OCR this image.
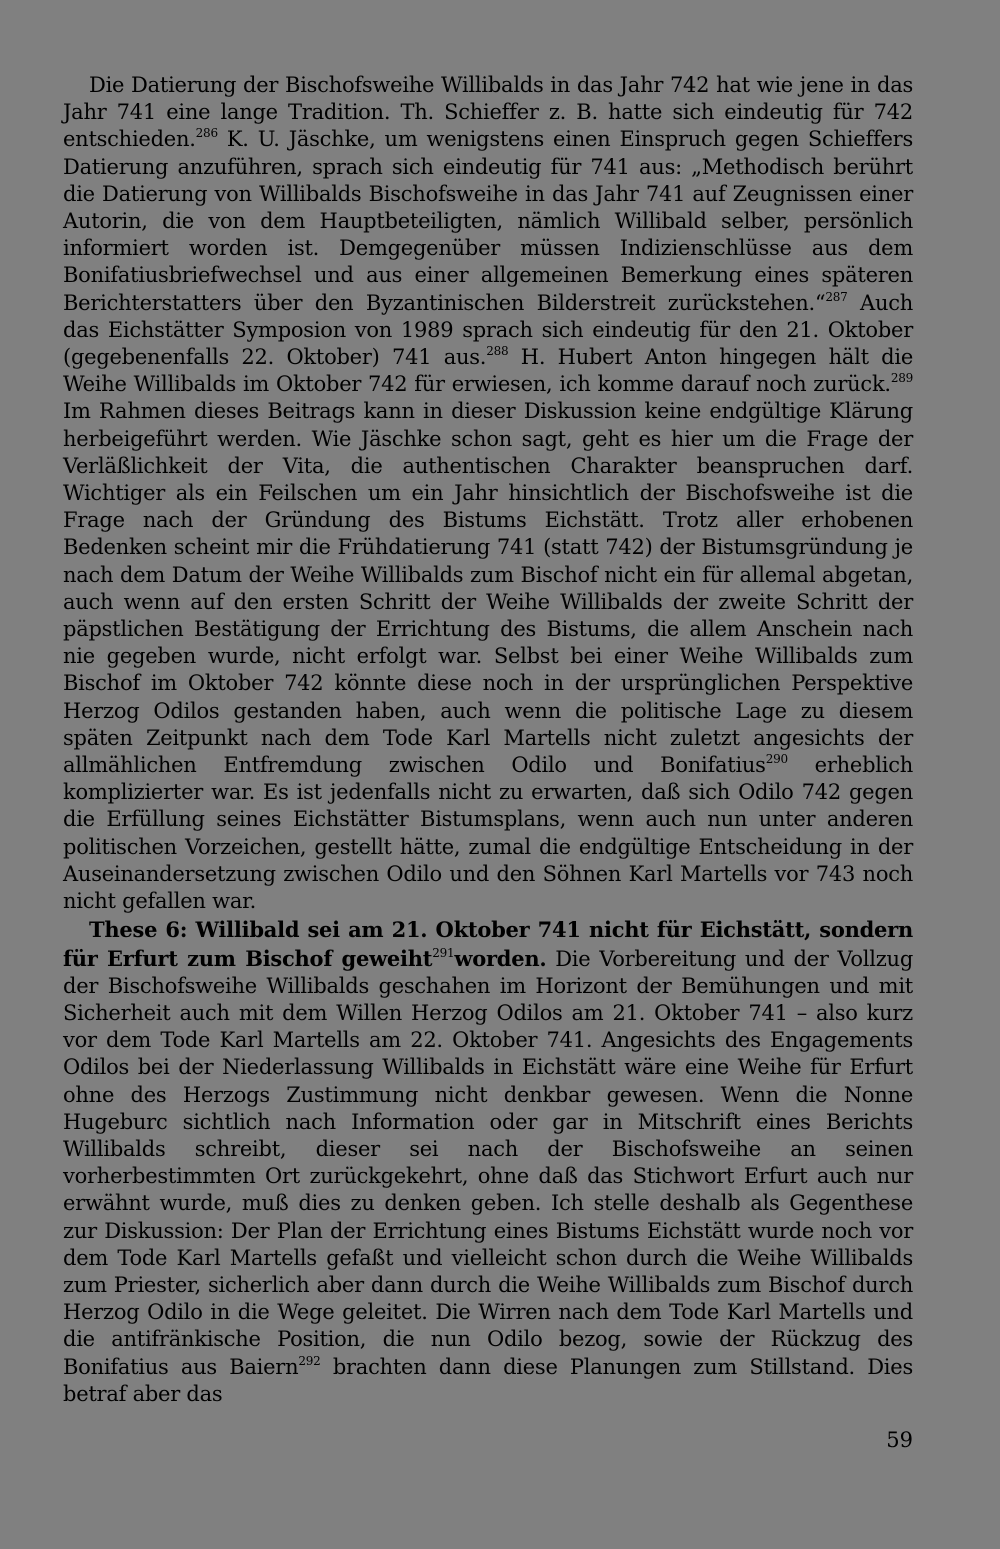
Die Datierung der Bischofsweihe Willibalds in das Jahr 742 hat wie jene in das Jahr 741 eine lange Tradition. Th. Schieffer z. B. hatte sich eindeutig für 742 entschieden.$^{286}$ K. U. Jäschke, um wenigstens einen Einspruch gegen Schieffers Datierung anzuführen, sprach sich eindeutig für 741 aus: „Methodisch berührt die Datierung von Willibalds Bischofsweihe in das Jahr 741 auf Zeugnissen einer Autorin, die von dem Hauptbeteiligten, nämlich Willibald selber, persönlich informiert worden ist. Demgegenüber müssen Indizienschlüsse aus dem Bonifatiusbriefwechsel und aus einer allgemeinen Bemerkung eines späteren Berichterstatters über den Byzantinischen Bilderstreit zurückstehen.“$^{287}$ Auch das Eichstätter Symposion von 1989 sprach sich eindeutig für den 21. Oktober (gegebenenfalls 22. Oktober) 741 aus.$^{288}$ H. Hubert Anton hingegen hält die Weihe Willibalds im Oktober 742 für erwiesen, ich komme darauf noch zurück.$^{289}$ Im Rahmen dieses Beitrags kann in dieser Diskussion keine endgültige Klärung herbeigeführt werden. Wie Jäschke schon sagt, geht es hier um die Frage der Verläßlichkeit der Vita, die authentischen Charakter beanspruchen darf. Wichtiger als ein Feilschen um ein Jahr hinsichtlich der Bischofsweihe ist die Frage nach der Gründung des Bistums Eichstätt. Trotz aller erhobenen Bedenken scheint mir die Frühdatierung 741 (statt 742) der Bistumsgründung je nach dem Datum der Weihe Willibalds zum Bischof nicht ein für allemal abgetan, auch wenn auf den ersten Schritt der Weihe Willibalds der zweite Schritt der päpstlichen Bestätigung der Errichtung des Bistums, die allem Anschein nach nie gegeben wurde, nicht erfolgt war. Selbst bei einer Weihe Willibalds zum Bischof im Oktober 742 könnte diese noch in der ursprünglichen Perspektive Herzog Odilos gestanden haben, auch wenn die politische Lage zu diesem späten Zeitpunkt nach dem Tode Karl Martells nicht zuletzt angesichts der allmählichen Entfremdung zwischen Odilo und Bonifatius$^{290}$ erheblich komplizierter war. Es ist jedenfalls nicht zu erwarten, daß sich Odilo 742 gegen die Erfüllung seines Eichstätter Bistumsplans, wenn auch nun unter anderen politischen Vorzeichen, gestellt hätte, zumal die endgültige Entscheidung in der Auseinandersetzung zwischen Odilo und den Söhnen Karl Martells vor 743 noch nicht gefallen war.

These 6: Willibald sei am 21. Oktober 741 nicht für Eichstätt, sondern für Erfurt zum Bischof geweiht$^{291}$worden. Die Vorbereitung und der Vollzug der Bischofsweihe Willibalds geschahen im Horizont der Bemühungen und mit Sicherheit auch mit dem Willen Herzog Odilos am 21. Oktober 741 – also kurz vor dem Tode Karl Martells am 22. Oktober 741. Angesichts des Engagements Odilos bei der Niederlassung Willibalds in Eichstätt wäre eine Weihe für Erfurt ohne des Herzogs Zustimmung nicht denkbar gewesen. Wenn die Nonne Hugeburc sichtlich nach Information oder gar in Mitschrift eines Berichts Willibalds schreibt, dieser sei nach der Bischofsweihe an seinen vorherbestimmten Ort zurückgekehrt, ohne daß das Stichwort Erfurt auch nur erwähnt wurde, muß dies zu denken geben. Ich stelle deshalb als Gegenthese zur Diskussion: Der Plan der Errichtung eines Bistums Eichstätt wurde noch vor dem Tode Karl Martells gefaßt und vielleicht schon durch die Weihe Willibalds zum Priester, sicherlich aber dann durch die Weihe Willibalds zum Bischof durch Herzog Odilo in die Wege geleitet. Die Wirren nach dem Tode Karl Martells und die antifränkische Position, die nun Odilo bezog, sowie der Rückzug des Bonifatius aus Baiern$^{292}$ brachten dann diese Planungen zum Stillstand. Dies betraf aber das

59
